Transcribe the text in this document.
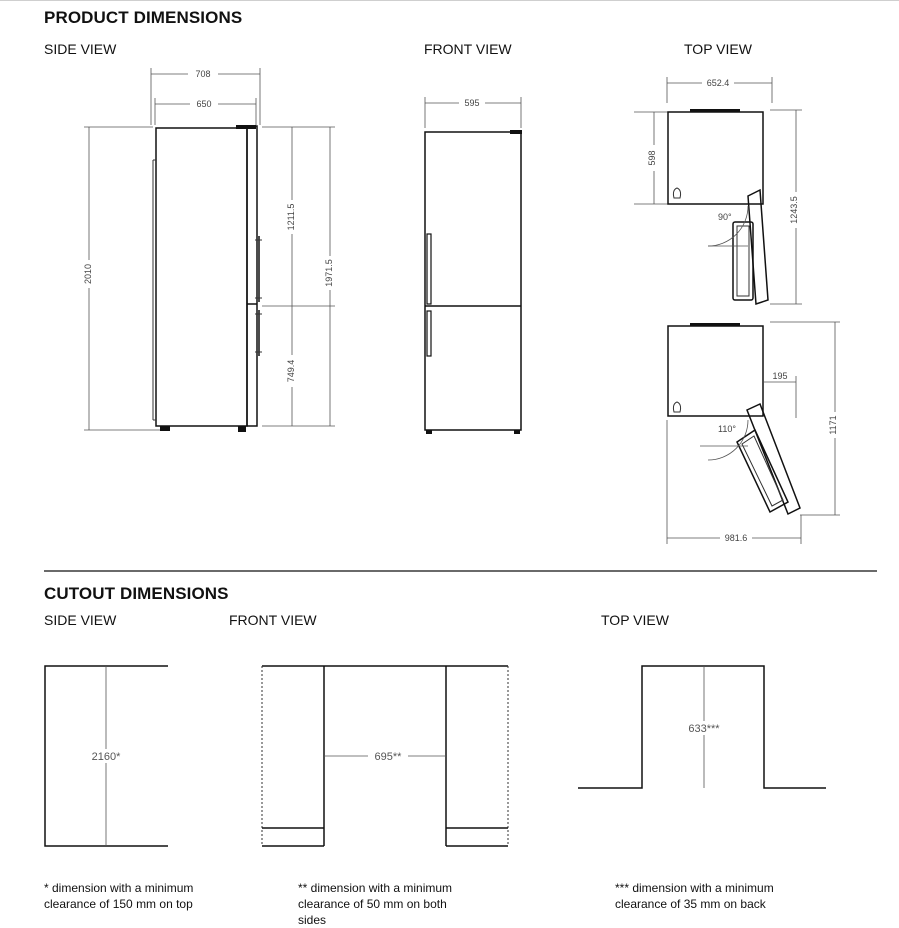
PRODUCT DIMENSIONS
SIDE VIEW	FRONT VIEW	TOP VIEW
CUTOUT DIMENSIONS
SIDE VIEW	FRONT VIEW	TOP VIEW
708
650
2010
1211.5
1971.5
749.4
595
652.4
598
90°	1243.5
195
110°	1171
981.6
2160*	695**
633***
* dimension with a minimum clearance of 150 mm on top
** dimension with a minimum clearance of 50 mm on both sides
*** dimension with a minimum clearance of 35 mm on back
